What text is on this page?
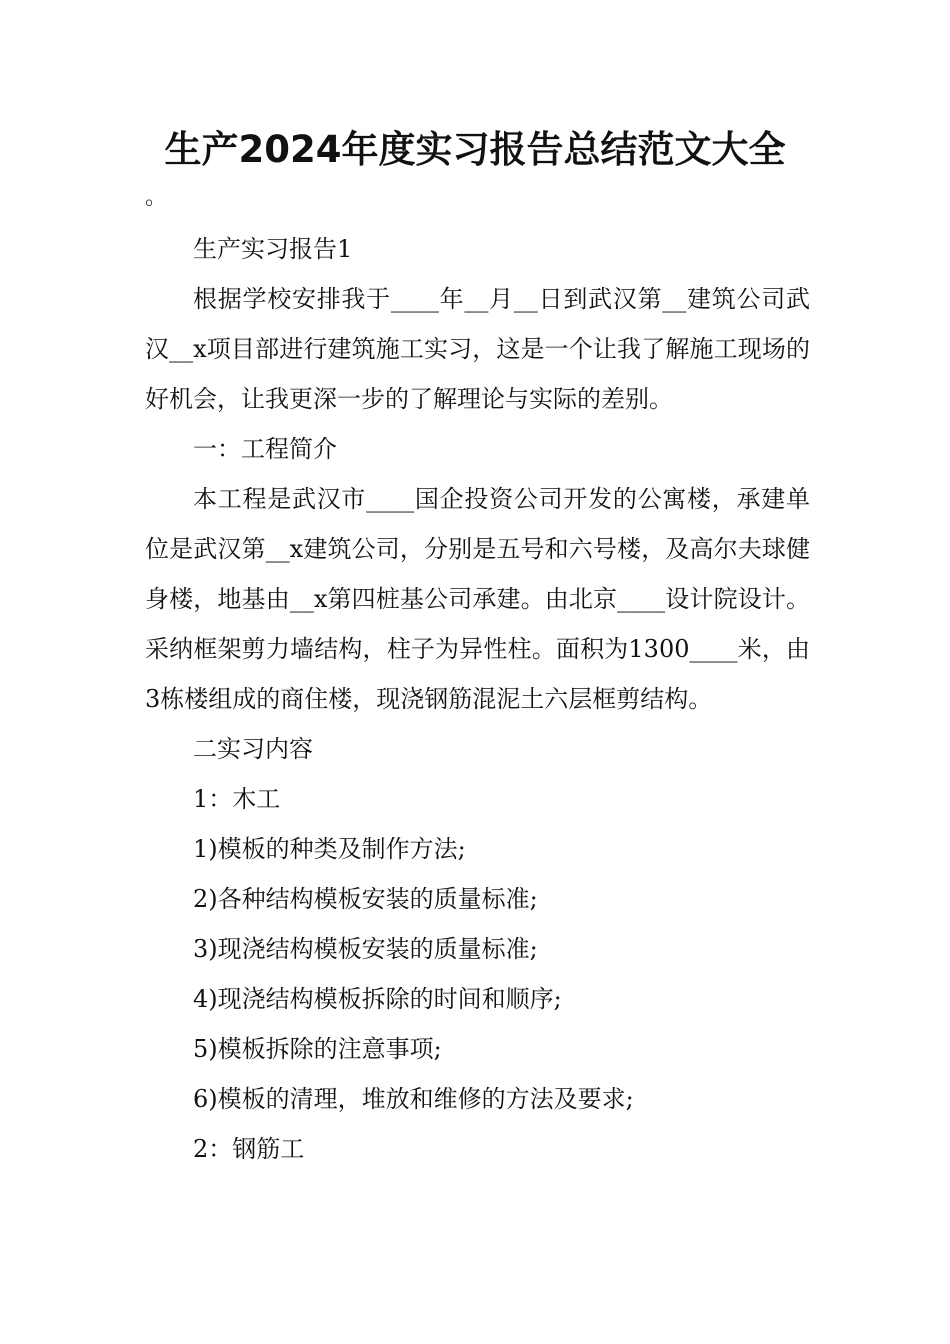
生产2024年度实习报告总结范文大全
。

生产实习报告1

根据学校安排我于____年__月__日到武汉第__建筑公司武汉__x项目部进行建筑施工实习，这是一个让我了解施工现场的好机会，让我更深一步的了解理论与实际的差别。

一：工程简介

本工程是武汉市____国企投资公司开发的公寓楼，承建单位是武汉第__x建筑公司，分别是五号和六号楼，及高尔夫球健身楼，地基由__x第四桩基公司承建。由北京____设计院设计。采纳框架剪力墙结构，柱子为异性柱。面积为1300____米，由3栋楼组成的商住楼，现浇钢筋混泥土六层框剪结构。

二实习内容

1：木工

1)模板的种类及制作方法;

2)各种结构模板安装的质量标准;

3)现浇结构模板安装的质量标准;

4)现浇结构模板拆除的时间和顺序;

5)模板拆除的注意事项;

6)模板的清理，堆放和维修的方法及要求;

2：钢筋工
